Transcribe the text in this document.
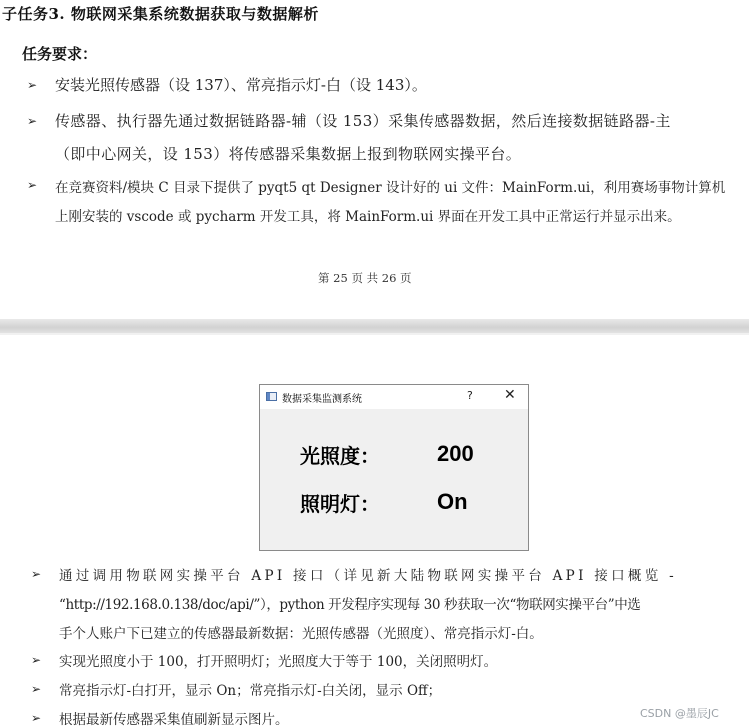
子任务3. 物联网采集系统数据获取与数据解析
任务要求：
➢ 安装光照传感器（设 137）、常亮指示灯-白（设 143）。
➢ 传感器、执行器先通过数据链路器-辅（设 153）采集传感器数据，然后连接数据链路器-主
（即中心网关，设 153）将传感器采集数据上报到物联网实操平台。
➢ 在竞赛资料/模块 C 目录下提供了 pyqt5 qt Designer 设计好的 ui 文件：MainForm.ui，利用赛场事物计算机
上刚安装的 vscode 或 pycharm 开发工具，将 MainForm.ui 界面在开发工具中正常运行并显示出来。
第 25 页 共 26 页
数据采集监测系统	? ✕
光照度：	200
照明灯：	On
➢ 通过调用物联网实操平台 API 接口（详见新大陆物联网实操平台 API 接口概览 -
“http://192.168.0.138/doc/api/”），python 开发程序实现每 30 秒获取一次“物联网实操平台”中选
手个人账户下已建立的传感器最新数据：光照传感器（光照度）、常亮指示灯-白。
➢ 实现光照度小于 100，打开照明灯；光照度大于等于 100，关闭照明灯。
➢ 常亮指示灯-白打开，显示 On；常亮指示灯-白关闭，显示 Off；
➢ 根据最新传感器采集值刷新显示图片。	CSDN @墨辰JC
